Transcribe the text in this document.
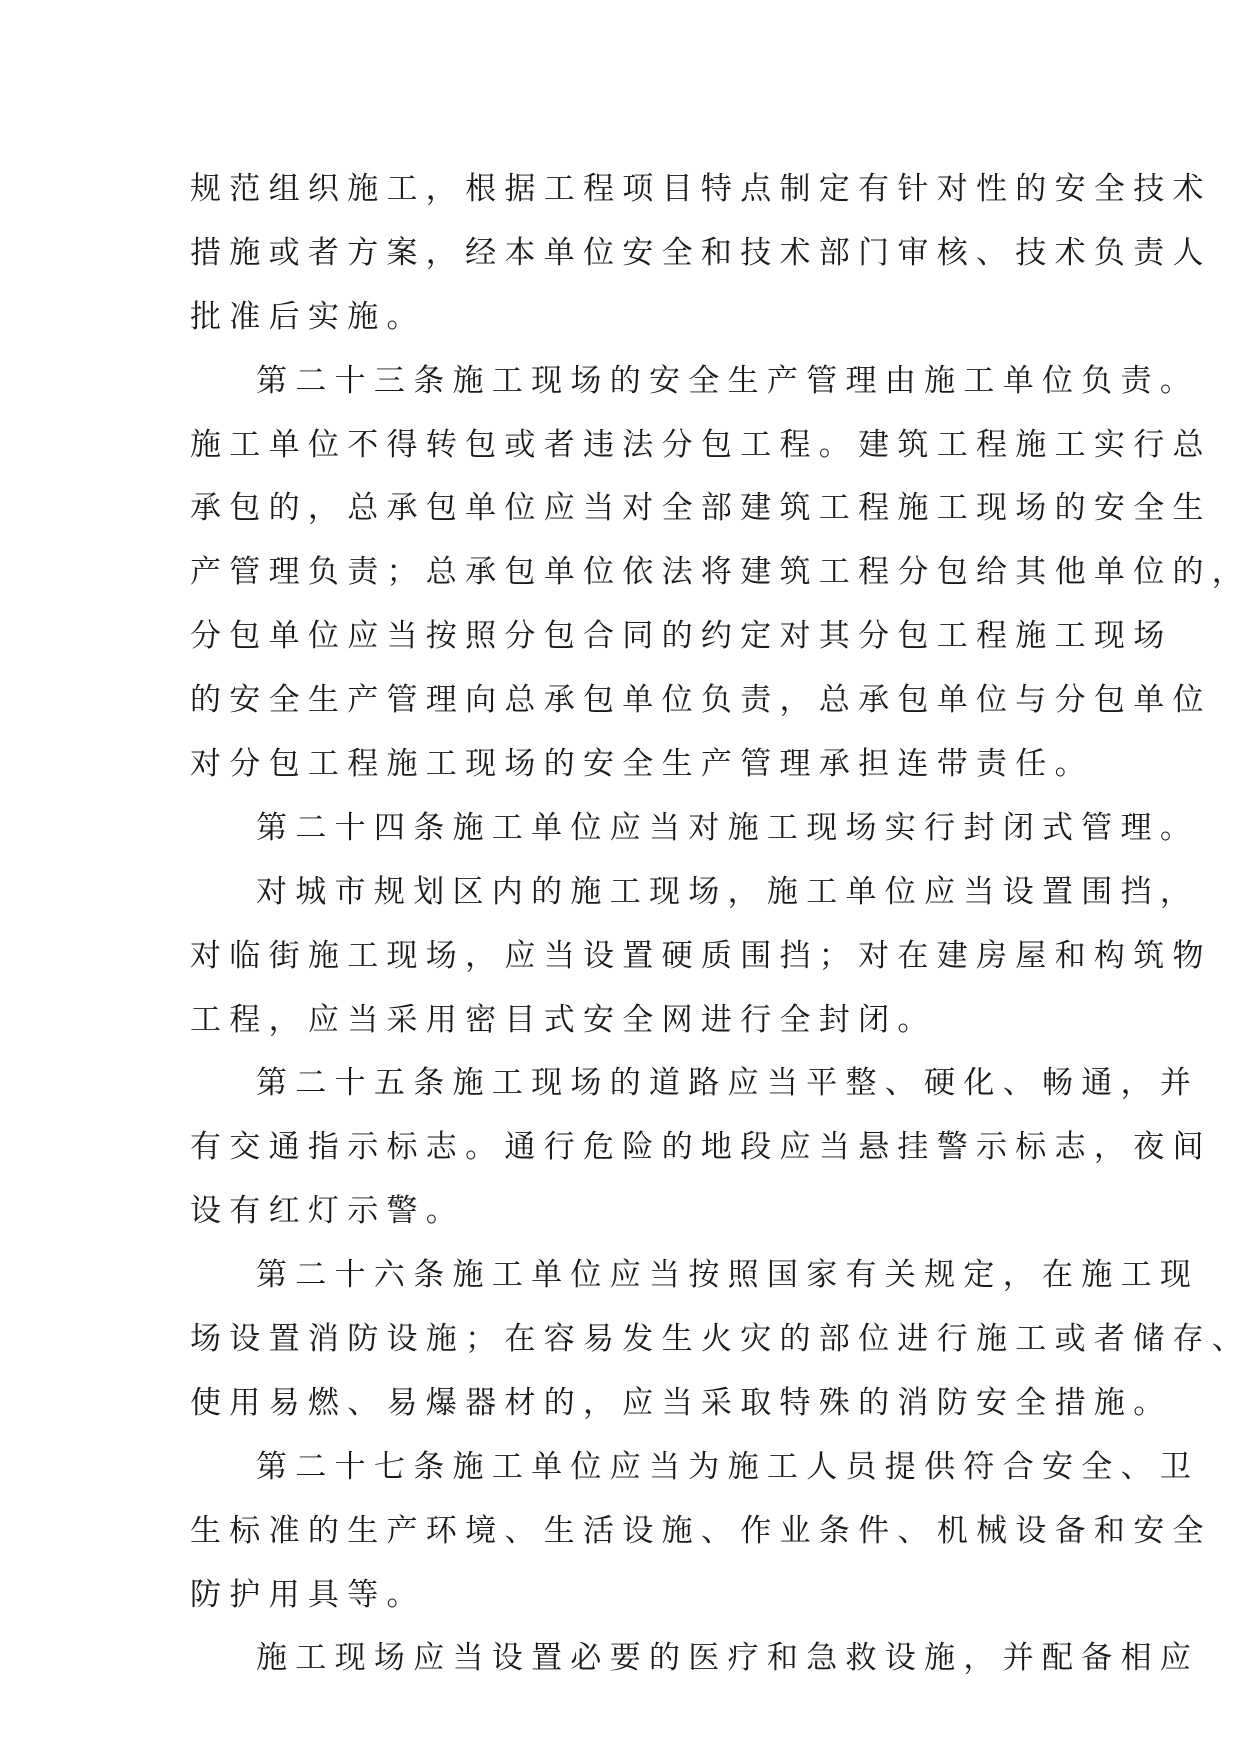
规范组织施工，根据工程项目特点制定有针对性的安全技术
措施或者方案，经本单位安全和技术部门审核、技术负责人
批准后实施。
第二十三条施工现场的安全生产管理由施工单位负责。
施工单位不得转包或者违法分包工程。建筑工程施工实行总
承包的，总承包单位应当对全部建筑工程施工现场的安全生
产管理负责；总承包单位依法将建筑工程分包给其他单位的，
分包单位应当按照分包合同的约定对其分包工程施工现场
的安全生产管理向总承包单位负责，总承包单位与分包单位
对分包工程施工现场的安全生产管理承担连带责任。
第二十四条施工单位应当对施工现场实行封闭式管理。
对城市规划区内的施工现场，施工单位应当设置围挡，
对临街施工现场，应当设置硬质围挡；对在建房屋和构筑物
工程，应当采用密目式安全网进行全封闭。
第二十五条施工现场的道路应当平整、硬化、畅通，并
有交通指示标志。通行危险的地段应当悬挂警示标志，夜间
设有红灯示警。
第二十六条施工单位应当按照国家有关规定，在施工现
场设置消防设施；在容易发生火灾的部位进行施工或者储存、
使用易燃、易爆器材的，应当采取特殊的消防安全措施。
第二十七条施工单位应当为施工人员提供符合安全、卫
生标准的生产环境、生活设施、作业条件、机械设备和安全
防护用具等。
施工现场应当设置必要的医疗和急救设施，并配备相应
